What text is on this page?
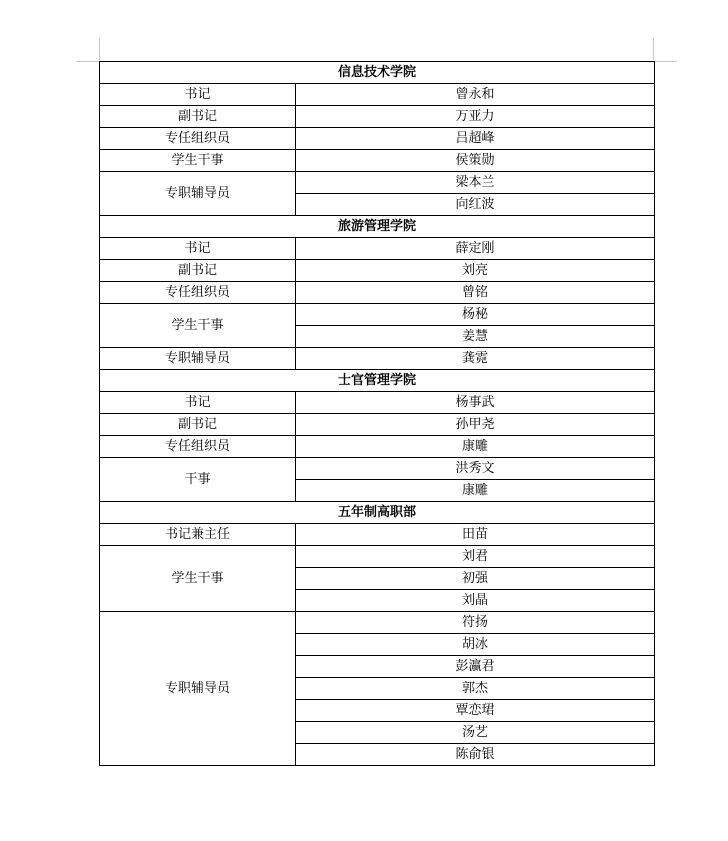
信息技术学院	
书记	曾永和
副书记	万亚力
专任组织员	吕超峰
学生干事	侯策勋
专职辅导员	梁本兰
	向红波
旅游管理学院	
书记	薛定刚
副书记	刘亮
专任组织员	曾铭
学生干事	杨秘
	姜慧
专职辅导员	龚霓
士官管理学院	
书记	杨事武
副书记	孙甲尧
专任组织员	康雕
干事	洪秀文
	康雕
五年制高职部	
书记兼主任	田苗
学生干事	刘君
	初强
	刘晶
专职辅导员	符扬
	胡冰
	彭瀛君
	郭杰
	覃恋珺
	汤艺
	陈俞银
